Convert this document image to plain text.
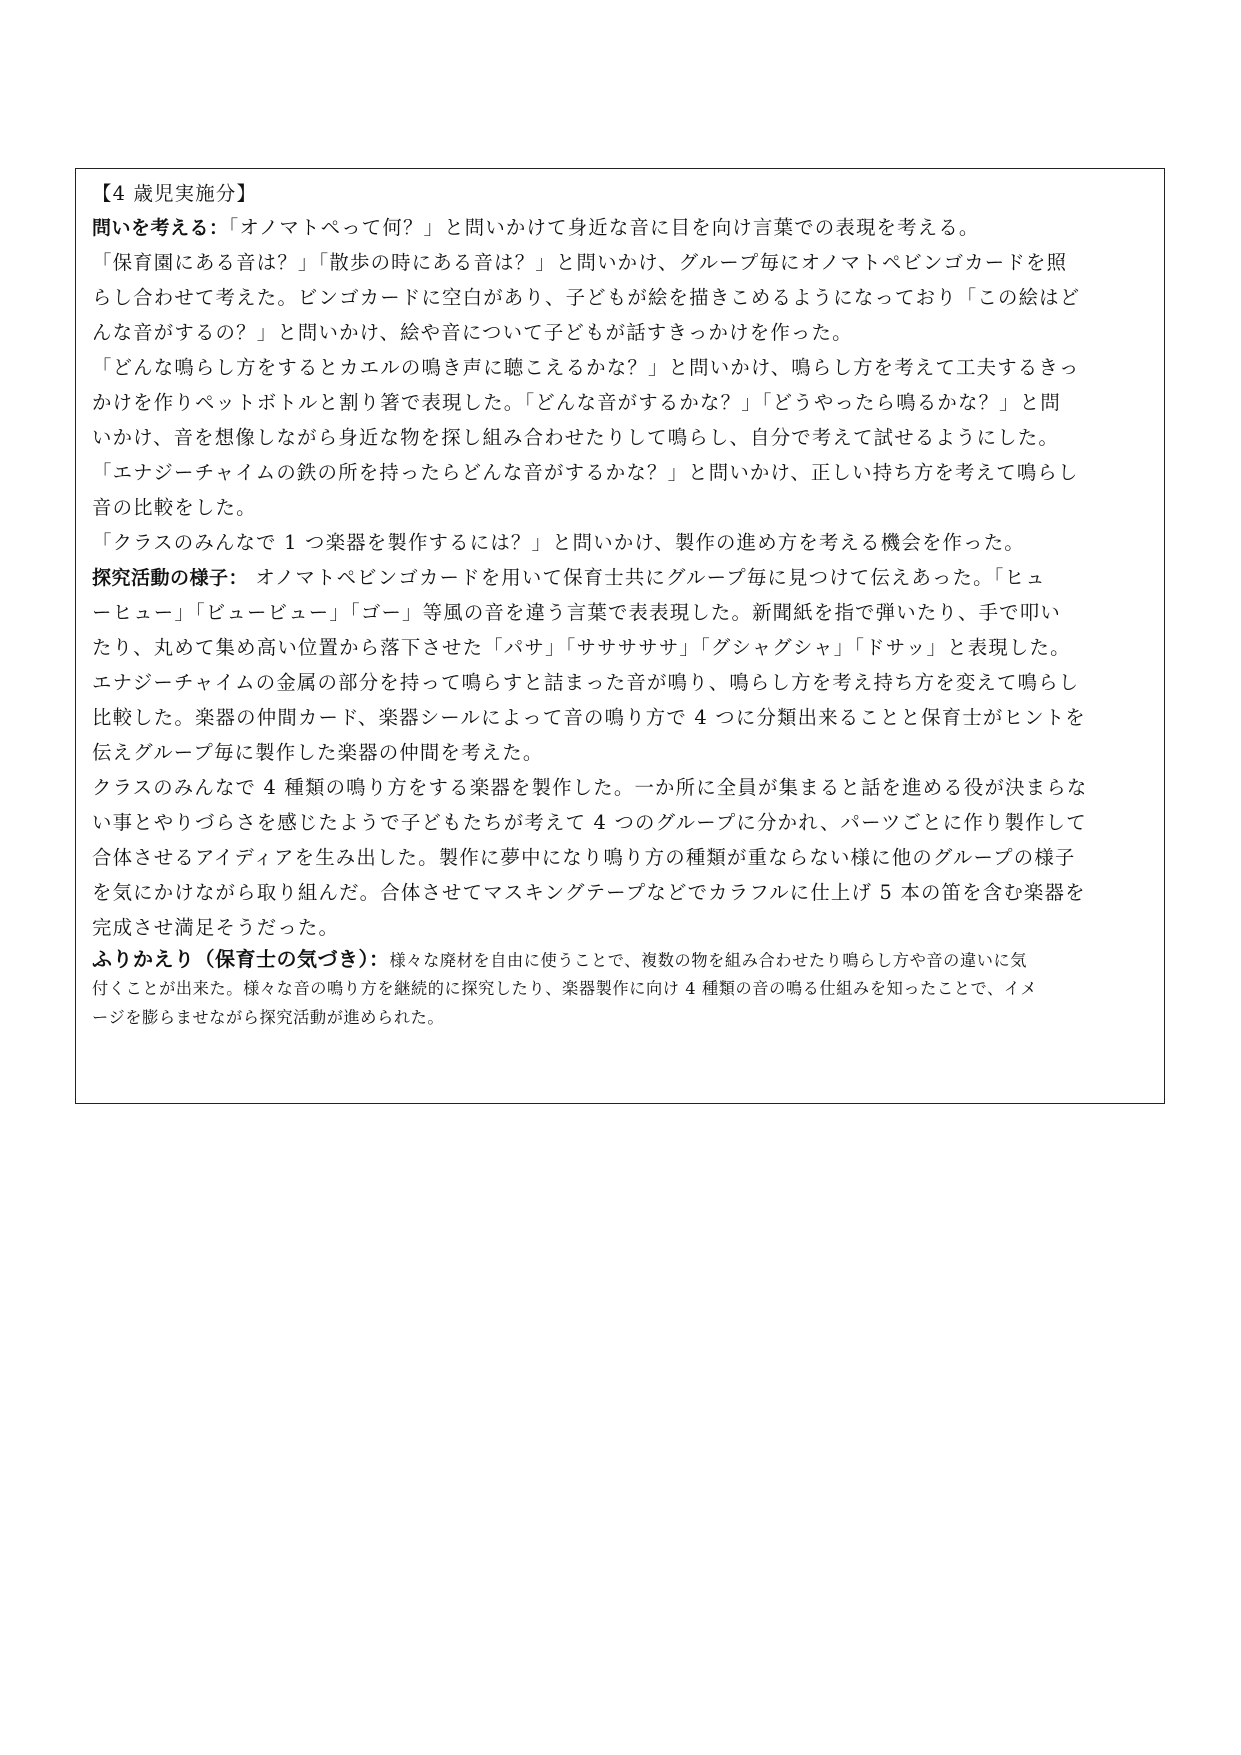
【4 歳児実施分】
問いを考える：「オノマトペって何？」と問いかけて身近な音に目を向け言葉での表現を考える。
「保育園にある音は？」「散歩の時にある音は？」と問いかけ、グループ毎にオノマトペビンゴカードを照
らし合わせて考えた。ビンゴカードに空白があり、子どもが絵を描きこめるようになっており「この絵はど
んな音がするの？」と問いかけ、絵や音について子どもが話すきっかけを作った。
「どんな鳴らし方をするとカエルの鳴き声に聴こえるかな？」と問いかけ、鳴らし方を考えて工夫するきっ
かけを作りペットボトルと割り箸で表現した。「どんな音がするかな？」「どうやったら鳴るかな？」と問
いかけ、音を想像しながら身近な物を探し組み合わせたりして鳴らし、自分で考えて試せるようにした。
「エナジーチャイムの鉄の所を持ったらどんな音がするかな？」と問いかけ、正しい持ち方を考えて鳴らし
音の比較をした。
「クラスのみんなで 1 つ楽器を製作するには？」と問いかけ、製作の進め方を考える機会を作った。
探究活動の様子： オノマトペビンゴカードを用いて保育士共にグループ毎に見つけて伝えあった。「ヒュ
ーヒュー」「ビュービュー」「ゴー」等風の音を違う言葉で表表現した。新聞紙を指で弾いたり、手で叩い
たり、丸めて集め高い位置から落下させた「パサ」「サササササ」「グシャグシャ」「ドサッ」と表現した。
エナジーチャイムの金属の部分を持って鳴らすと詰まった音が鳴り、鳴らし方を考え持ち方を変えて鳴らし
比較した。楽器の仲間カード、楽器シールによって音の鳴り方で 4 つに分類出来ることと保育士がヒントを
伝えグループ毎に製作した楽器の仲間を考えた。
クラスのみんなで 4 種類の鳴り方をする楽器を製作した。一か所に全員が集まると話を進める役が決まらな
い事とやりづらさを感じたようで子どもたちが考えて 4 つのグループに分かれ、パーツごとに作り製作して
合体させるアイディアを生み出した。製作に夢中になり鳴り方の種類が重ならない様に他のグループの様子
を気にかけながら取り組んだ。合体させてマスキングテープなどでカラフルに仕上げ 5 本の笛を含む楽器を
完成させ満足そうだった。
ふりかえり（保育士の気づき）：様々な廃材を自由に使うことで、複数の物を組み合わせたり鳴らし方や音の違いに気
付くことが出来た。様々な音の鳴り方を継続的に探究したり、楽器製作に向け 4 種類の音の鳴る仕組みを知ったことで、イメ
ージを膨らませながら探究活動が進められた。
